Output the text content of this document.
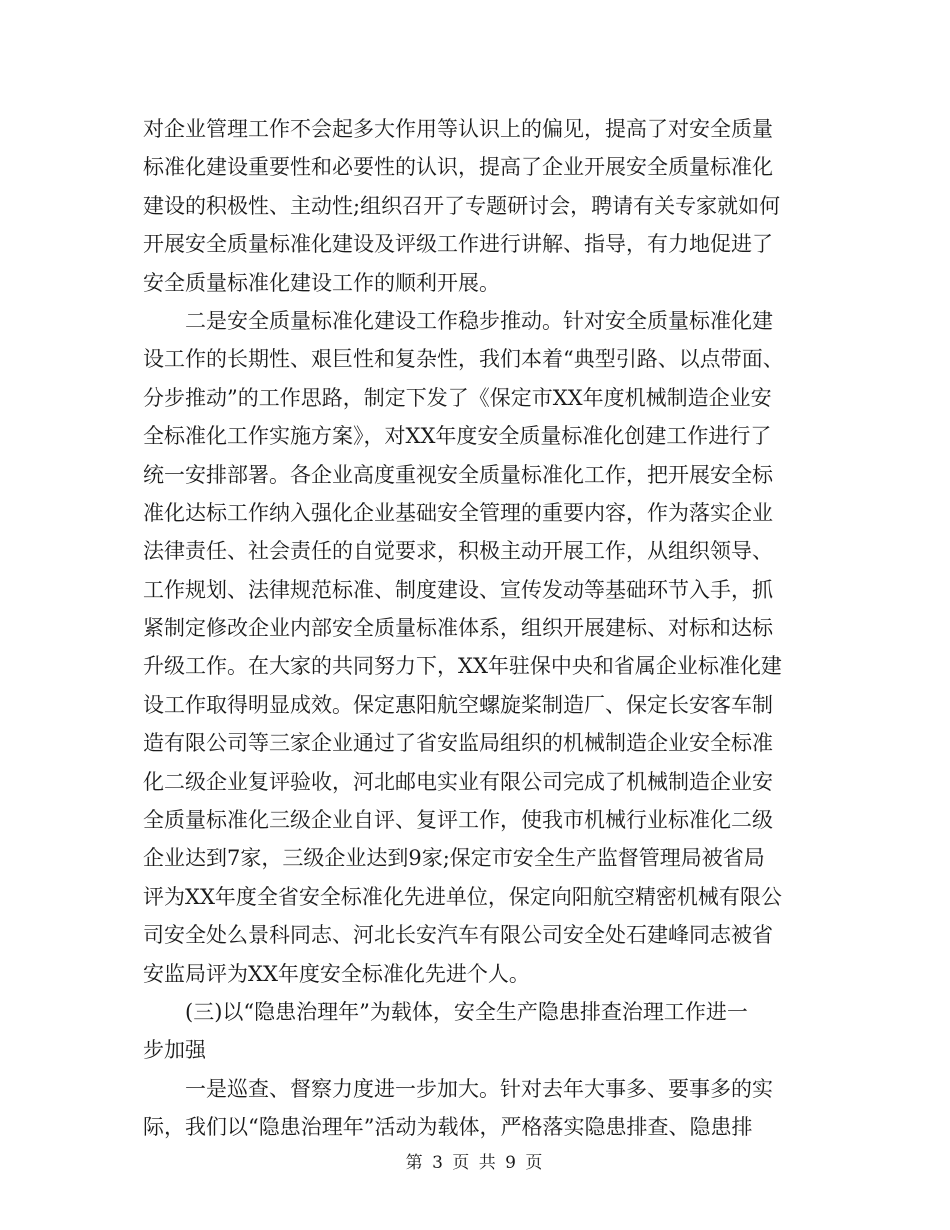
对企业管理工作不会起多大作用等认识上的偏见，提高了对安全质量
标准化建设重要性和必要性的认识，提高了企业开展安全质量标准化
建设的积极性、主动性;组织召开了专题研讨会，聘请有关专家就如何
开展安全质量标准化建设及评级工作进行讲解、指导，有力地促进了
安全质量标准化建设工作的顺利开展。
二是安全质量标准化建设工作稳步推动。针对安全质量标准化建
设工作的长期性、艰巨性和复杂性，我们本着“典型引路、以点带面、
分步推动”的工作思路，制定下发了《保定市XX年度机械制造企业安
全标准化工作实施方案》，对XX年度安全质量标准化创建工作进行了
统一安排部署。各企业高度重视安全质量标准化工作，把开展安全标
准化达标工作纳入强化企业基础安全管理的重要内容，作为落实企业
法律责任、社会责任的自觉要求，积极主动开展工作，从组织领导、
工作规划、法律规范标准、制度建设、宣传发动等基础环节入手，抓
紧制定修改企业内部安全质量标准体系，组织开展建标、对标和达标
升级工作。在大家的共同努力下，XX年驻保中央和省属企业标准化建
设工作取得明显成效。保定惠阳航空螺旋桨制造厂、保定长安客车制
造有限公司等三家企业通过了省安监局组织的机械制造企业安全标准
化二级企业复评验收，河北邮电实业有限公司完成了机械制造企业安
全质量标准化三级企业自评、复评工作，使我市机械行业标准化二级
企业达到7家，三级企业达到9家;保定市安全生产监督管理局被省局
评为XX年度全省安全标准化先进单位，保定向阳航空精密机械有限公
司安全处么景科同志、河北长安汽车有限公司安全处石建峰同志被省
安监局评为XX年度安全标准化先进个人。
(三)以“隐患治理年”为载体，安全生产隐患排查治理工作进一
步加强
一是巡查、督察力度进一步加大。针对去年大事多、要事多的实
际，我们以“隐患治理年”活动为载体，严格落实隐患排查、隐患排
第 3 页 共 9 页
